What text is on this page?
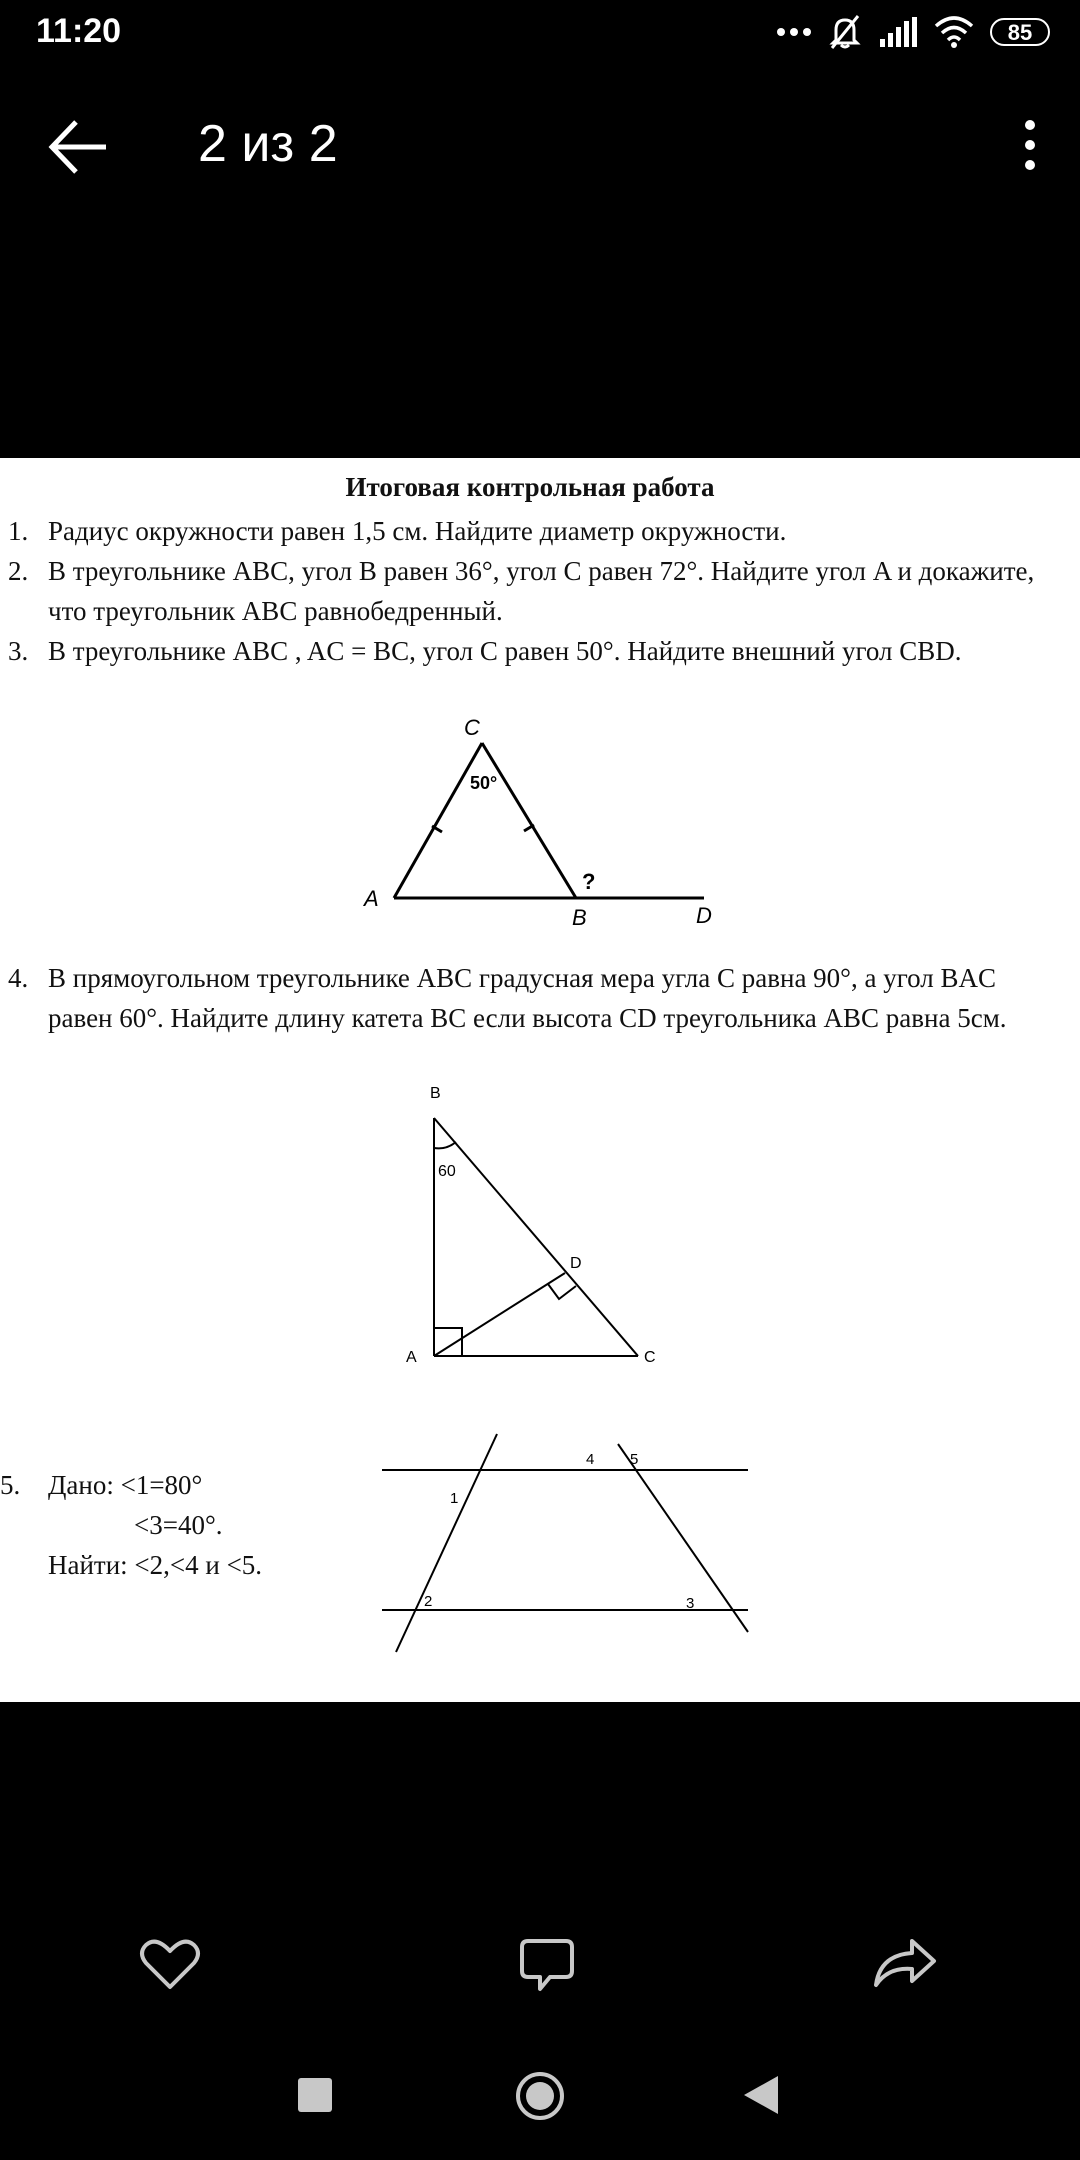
11:20	85
2 из 2
Итоговая контрольная работа
1. Радиус окружности равен 1,5 см. Найдите диаметр окружности.
2. В треугольнике ABC, угол B равен 36°, угол C равен 72°. Найдите угол A и докажите, что треугольник ABC равнобедренный.
3. В треугольнике ABC , AC = BC, угол C равен 50°. Найдите внешний угол CBD.
C
50°
A
B	D
?
4. В прямоугольном треугольнике ABC градусная мера угла C равна 90°, а угол BAC равен 60°. Найдите длину катета BC если высота CD треугольника ABC равна 5см.
B
60
D
A	C
5. Дано: <1=80°
<3=40°.
Найти: <2,<4 и <5.
1
2	3
4 5
